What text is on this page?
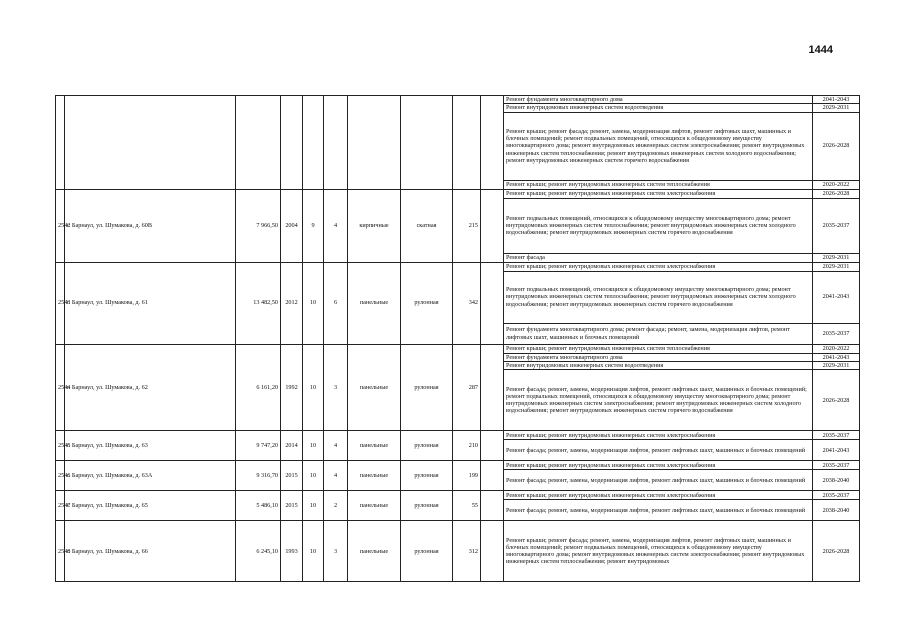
1444
										Ремонт фундамента многоквартирного дома	2041-2043
										Ремонт внутридомовых инженерных систем водоотведения	2029-2031
										Ремонт крыши; ремонт фасада; ремонт, замена, модернизация лифтов, ремонт лифтовых шахт, машинных и блочных помещений; ремонт подвальных помещений, относящихся к общедомовому имуществу многоквартирного дома; ремонт внутридомовых инженерных систем электроснабжения; ремонт внутридомовых инженерных систем теплоснабжения; ремонт внутридомовых инженерных систем холодного водоснабжения; ремонт внутридомовых инженерных систем горячего водоснабжения	2026-2028
										Ремонт крыши; ремонт внутридомовых инженерных систем теплоснабжения	2020-2022
2542	г. Барнаул, ул. Шумакова, д. 60В	7 966,50	2004	9	4	кирпичные	скатная	215		Ремонт крыши; ремонт внутридомовых инженерных систем электроснабжения	2026-2028
										Ремонт подвальных помещений, относящихся к общедомовому имуществу многоквартирного дома; ремонт внутридомовых инженерных систем теплоснабжения; ремонт внутридомовых инженерных систем холодного водоснабжения; ремонт внутридомовых инженерных систем горячего водоснабжения	2035-2037
										Ремонт фасада	2029-2031
2543	г. Барнаул, ул. Шумакова, д. 61	13 482,50	2012	10	6	панельные	рулонная	342		Ремонт крыши; ремонт внутридомовых инженерных систем электроснабжения	2029-2031
										Ремонт подвальных помещений, относящихся к общедомовому имуществу многоквартирного дома; ремонт внутридомовых инженерных систем теплоснабжения; ремонт внутридомовых инженерных систем холодного водоснабжения; ремонт внутридомовых инженерных систем горячего водоснабжения	2041-2043
										Ремонт фундамента многоквартирного дома; ремонт фасада; ремонт, замена, модернизация лифтов, ремонт лифтовых шахт, машинных и блочных помещений	2035-2037
2544	г. Барнаул, ул. Шумакова, д. 62	6 161,20	1992	10	3	панельные	рулонная	287		Ремонт крыши; ремонт внутридомовых инженерных систем теплоснабжения	2020-2022
										Ремонт фундамента многоквартирного дома	2041-2043
										Ремонт внутридомовых инженерных систем водоотведения	2029-2031
										Ремонт фасада; ремонт, замена, модернизация лифтов, ремонт лифтовых шахт, машинных и блочных помещений; ремонт подвальных помещений, относящихся к общедомовому имуществу многоквартирного дома; ремонт внутридомовых инженерных систем электроснабжения; ремонт внутридомовых инженерных систем холодного водоснабжения; ремонт внутридомовых инженерных систем горячего водоснабжения	2026-2028
2545	г. Барнаул, ул. Шумакова, д. 63	9 747,20	2014	10	4	панельные	рулонная	210		Ремонт крыши; ремонт внутридомовых инженерных систем электроснабжения	2035-2037
										Ремонт фасада; ремонт, замена, модернизация лифтов, ремонт лифтовых шахт, машинных и блочных помещений	2041-2043
2546	г. Барнаул, ул. Шумакова, д. 63А	9 316,70	2015	10	4	панельные	рулонная	199		Ремонт крыши; ремонт внутридомовых инженерных систем электроснабжения	2035-2037
										Ремонт фасада; ремонт, замена, модернизация лифтов, ремонт лифтовых шахт, машинных и блочных помещений	2038-2040
2547	г. Барнаул, ул. Шумакова, д. 65	5 486,10	2015	10	2	панельные	рулонная	55		Ремонт крыши; ремонт внутридомовых инженерных систем электроснабжения	2035-2037
										Ремонт фасада; ремонт, замена, модернизация лифтов, ремонт лифтовых шахт, машинных и блочных помещений	2038-2040
2548	г. Барнаул, ул. Шумакова, д. 66	6 245,10	1993	10	3	панельные	рулонная	312		Ремонт крыши; ремонт фасада; ремонт, замена, модернизация лифтов, ремонт лифтовых шахт, машинных и блочных помещений; ремонт подвальных помещений, относящихся к общедомовому имуществу многоквартирного дома; ремонт внутридомовых инженерных систем электроснабжения; ремонт внутридомовых инженерных систем теплоснабжения; ремонт внутридомовых	2026-2028
